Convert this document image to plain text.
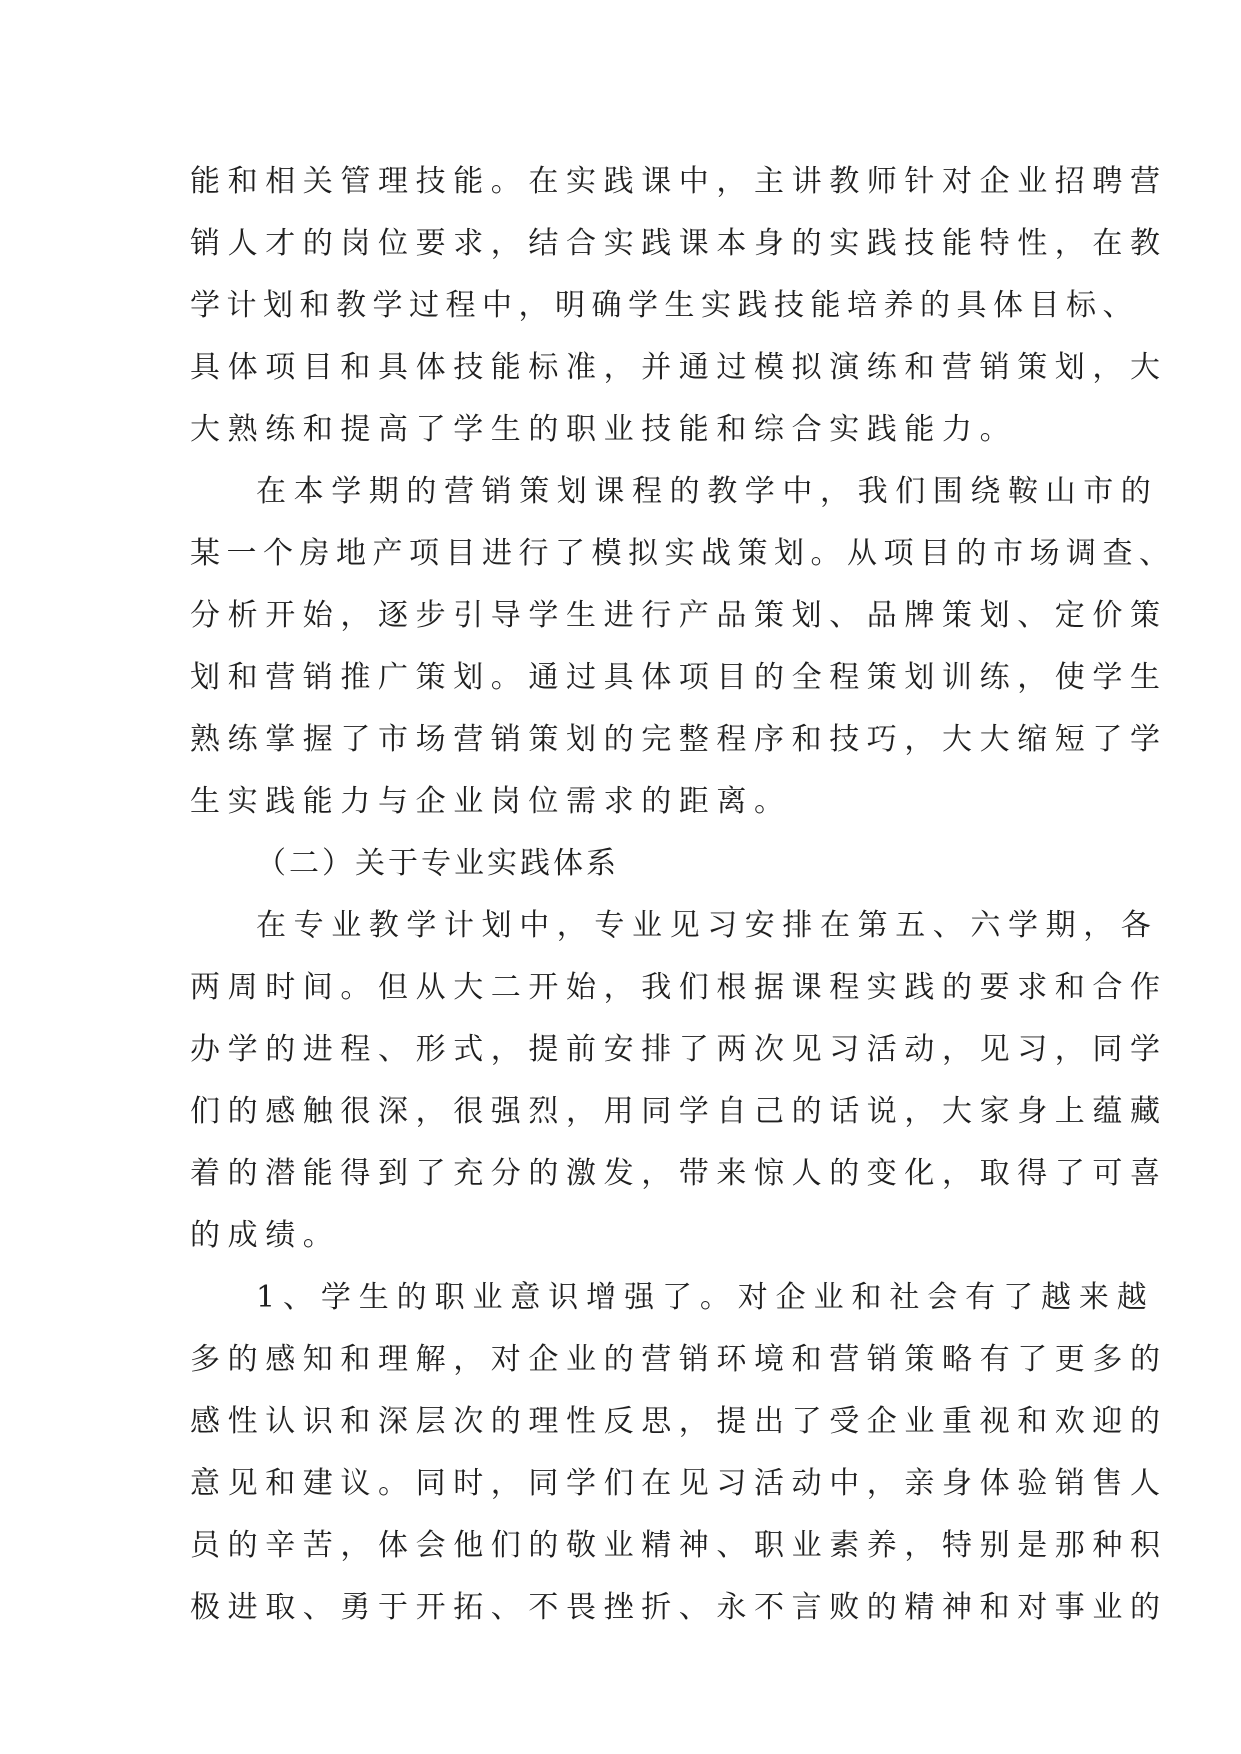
能和相关管理技能。在实践课中，主讲教师针对企业招聘营

销人才的岗位要求，结合实践课本身的实践技能特性，在教

学计划和教学过程中，明确学生实践技能培养的具体目标、

具体项目和具体技能标准，并通过模拟演练和营销策划，大

大熟练和提高了学生的职业技能和综合实践能力。

在本学期的营销策划课程的教学中，我们围绕鞍山市的

某一个房地产项目进行了模拟实战策划。从项目的市场调查、

分析开始，逐步引导学生进行产品策划、品牌策划、定价策

划和营销推广策划。通过具体项目的全程策划训练，使学生

熟练掌握了市场营销策划的完整程序和技巧，大大缩短了学

生实践能力与企业岗位需求的距离。

（二）关于专业实践体系

在专业教学计划中，专业见习安排在第五、六学期，各

两周时间。但从大二开始，我们根据课程实践的要求和合作

办学的进程、形式，提前安排了两次见习活动，见习，同学

们的感触很深，很强烈，用同学自己的话说，大家身上蕴藏

着的潜能得到了充分的激发，带来惊人的变化，取得了可喜

的成绩。

1、学生的职业意识增强了。对企业和社会有了越来越

多的感知和理解，对企业的营销环境和营销策略有了更多的

感性认识和深层次的理性反思，提出了受企业重视和欢迎的

意见和建议。同时，同学们在见习活动中，亲身体验销售人

员的辛苦，体会他们的敬业精神、职业素养，特别是那种积

极进取、勇于开拓、不畏挫折、永不言败的精神和对事业的
